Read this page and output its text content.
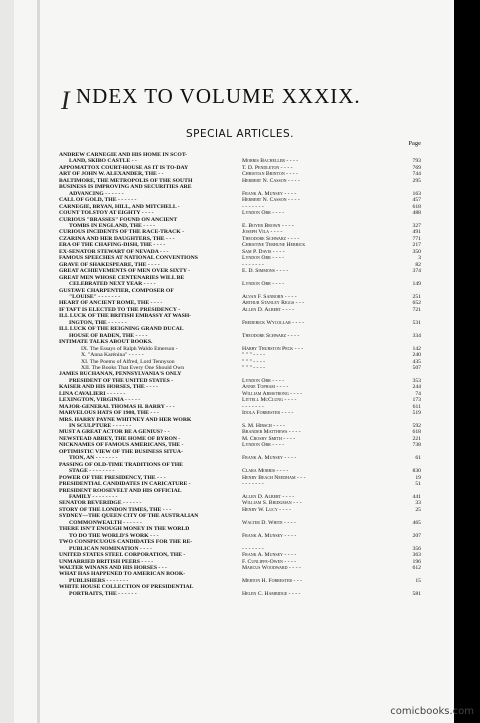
I NDEX TO VOLUME XXXIX.
SPECIAL ARTICLES.
Page
ANDREW CARNEGIE AND HIS HOME IN SCOT-
LAND, SKIBO CASTLE - -	Morris Bacheller - - - -	793
APPOMATTOX COURT-HOUSE AS IT IS TO-DAY	T. D. Pendleton - - - -	769
ART OF JOHN W. ALEXANDER, THE - -	Christian Brinton - - - -	744
BALTIMORE, THE METROPOLIS OF THE SOUTH	Herbert N. Casson - - - -	295
BUSINESS IS IMPROVING AND SECURITIES ARE
ADVANCING - - - - - -	Frank A. Munsey - - - -	163
CALL OF GOLD, THE - - - - - -	Herbert N. Casson - - - -	457
CARNEGIE, BRYAN, HILL, AND MITCHELL -	- - - - - - -	618
COUNT TOLSTOY AT EIGHTY - - - -	Lyndon Orr - - - -	488
CURIOUS "BRASSES" FOUND ON ANCIENT
TOMBS IN ENGLAND, THE - - - -	E. Boyer Brown - - - -	327
CURIOUS INCIDENTS OF THE RACE-TRACK -	Joseph Vila - - - -	491
CZARINA AND HER DAUGHTERS, THE - - -	Theodore Schwarz - - - -	771
ERA OF THE CHAFING-DISH, THE - - - -	Christine Terhune Herrick	217
EX-SENATOR STEWART OF NEVADA - - -	Sam P. Davis - - - -	350
FAMOUS SPEECHES AT NATIONAL CONVENTIONS	Lyndon Orr - - - -	3
GRAVE OF SHAKESPEARE, THE - - - -	- - - - - - -	82
GREAT ACHIEVEMENTS OF MEN OVER SIXTY -	E. D. Simmons - - - -	374
GREAT MEN WHOSE CENTENARIES WILL BE
CELEBRATED NEXT YEAR - - - -	Lyndon Orr - - - -	149
GUSTAVE CHARPENTIER, COMPOSER OF
"LOUISE" - - - - - - -	Alvan F. Sanborn - - - -	251
HEART OF ANCIENT ROME, THE - - - -	Arthur Stanley Riggs - - -	652
IF TAFT IS ELECTED TO THE PRESIDENCY -	Allen D. Albert - - - -	721
ILL LUCK OF THE BRITISH EMBASSY AT WASH-
INGTON, THE - - - - - -	Frederick Wycollar - - - -	531
ILL LUCK OF THE REIGNING GRAND DUCAL
HOUSE OF BADEN, THE - - - -	Theodore Schwarz - - - -	334
INTIMATE TALKS ABOUT BOOKS.
IX. The Essays of Ralph Waldo Emerson -	Harry Thurston Peck - - -	142
X. "Anna Karénina" - - - - -	" " " - - - -	240
XI. The Poems of Alfred, Lord Tennyson	" " " - - - -	435
XII. The Books That Every One Should Own	" " " - - - -	507
JAMES BUCHANAN, PENNSYLVANIA'S ONLY
PRESIDENT OF THE UNITED STATES -	Lyndon Orr - - - -	353
KAISER AND HIS HORSES, THE - - - -	Annie Topham - - - -	244
LINA CAVALIERI - - - - - -	William Armstrong - - - -	74
LEXINGTON, VIRGINIA - - - - -	Littell McClung - - - -	173
MAJOR-GENERAL THOMAS H. BARRY - - -	- - - - - - -	611
MARVELOUS HATS OF 1908, THE - - -	Idola Forrester - - - -	519
MRS. HARRY PAYNE WHITNEY AND HER WORK
IN SCULPTURE - - - - - -	S. M. Hirsch - - - -	592
MUST A GREAT ACTOR BE A GENIUS? - -	Brander Matthews - - - -	618
NEWSTEAD ABBEY, THE HOME OF BYRON -	M. Crosby Smith - - - -	221
NICKNAMES OF FAMOUS AMERICANS, THE -	Lyndon Orr - - - -	738
OPTIMISTIC VIEW OF THE BUSINESS SITUA-
TION, AN - - - - - - -	Frank A. Munsey - - - -	61
PASSING OF OLD-TIME TRADITIONS OF THE
STAGE - - - - - - - -	Clara Morris - - - -	830
POWER OF THE PRESIDENCY, THE - - -	Henry Beach Needham - - -	19
PRESIDENTIAL CANDIDATES IN CARICATURE -	- - - - - - -	51
PRESIDENT ROOSEVELT AND HIS OFFICIAL
FAMILY - - - - - - - -	Allen D. Albert - - - -	441
SENATOR BEVERIDGE - - - - - -	William S. Bridgman - - -	33
STORY OF THE LONDON TIMES, THE - - -	Henry W. Lucy - - - -	25
SYDNEY—THE QUEEN CITY OF THE AUSTRALIAN
COMMONWEALTH - - - - - -	Walter D. White - - - -	465
THERE ISN'T ENOUGH MONEY IN THE WORLD
TO DO THE WORLD'S WORK - - -	Frank A. Munsey - - - -	207
TWO CONSPICUOUS CANDIDATES FOR THE RE-
PUBLICAN NOMINATION - - - -	- - - - - - -	356
UNITED STATES STEEL CORPORATION, THE -	Frank A. Munsey - - - -	363
UNMARRIED BRITISH PEERS - - - -	F. Cunliffe-Owen - - - -	196
WALTER WINANS AND HIS HORSES - - -	Marcus Woodward - - - -	612
WHAT HAS HAPPENED TO AMERICAN BOOK-
PUBLISHERS - - - - - - -	Merton H. Forrester - - -	15
WHITE HOUSE COLLECTION OF PRESIDENTIAL
PORTRAITS, THE - - - - - -	Helen C. Hambidge - - - -	581
comicbooks.com
